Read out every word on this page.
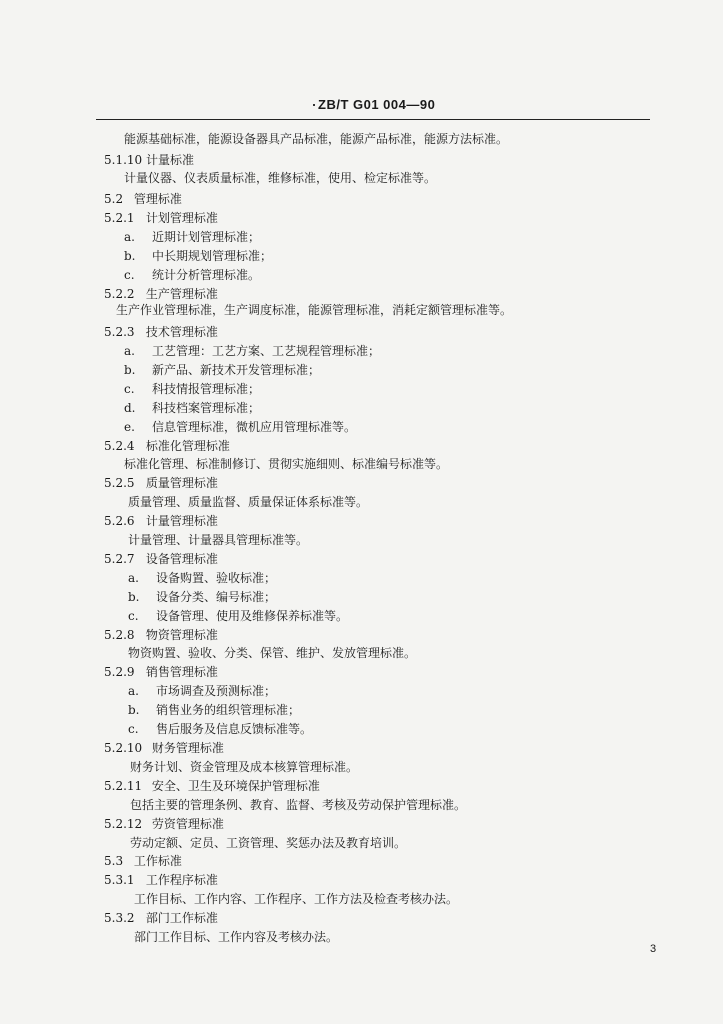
ZB/T G01 004—90
能源基础标准，能源设备器具产品标准，能源产品标准，能源方法标准。
5.1.10 计量标准
计量仪器、仪表质量标准，维修标准，使用、检定标准等。
5.2 管理标准
5.2.1 计划管理标准
a. 近期计划管理标准；
b. 中长期规划管理标准；
c. 统计分析管理标准。
5.2.2 生产管理标准
生产作业管理标准，生产调度标准，能源管理标准，消耗定额管理标准等。
5.2.3 技术管理标准
a. 工艺管理：工艺方案、工艺规程管理标准；
b. 新产品、新技术开发管理标准；
c. 科技情报管理标准；
d. 科技档案管理标准；
e. 信息管理标准，微机应用管理标准等。
5.2.4 标准化管理标准
标准化管理、标准制修订、贯彻实施细则、标准编号标准等。
5.2.5 质量管理标准
质量管理、质量监督、质量保证体系标准等。
5.2.6 计量管理标准
计量管理、计量器具管理标准等。
5.2.7 设备管理标准
a. 设备购置、验收标准；
b. 设备分类、编号标准；
c. 设备管理、使用及维修保养标准等。
5.2.8 物资管理标准
物资购置、验收、分类、保管、维护、发放管理标准。
5.2.9 销售管理标准
a. 市场调查及预测标准；
b. 销售业务的组织管理标准；
c. 售后服务及信息反馈标准等。
5.2.10 财务管理标准
财务计划、资金管理及成本核算管理标准。
5.2.11 安全、卫生及环境保护管理标准
包括主要的管理条例、教育、监督、考核及劳动保护管理标准。
5.2.12 劳资管理标准
劳动定额、定员、工资管理、奖惩办法及教育培训。
5.3 工作标准
5.3.1 工作程序标准
工作目标、工作内容、工作程序、工作方法及检查考核办法。
5.3.2 部门工作标准
部门工作目标、工作内容及考核办法。
3
